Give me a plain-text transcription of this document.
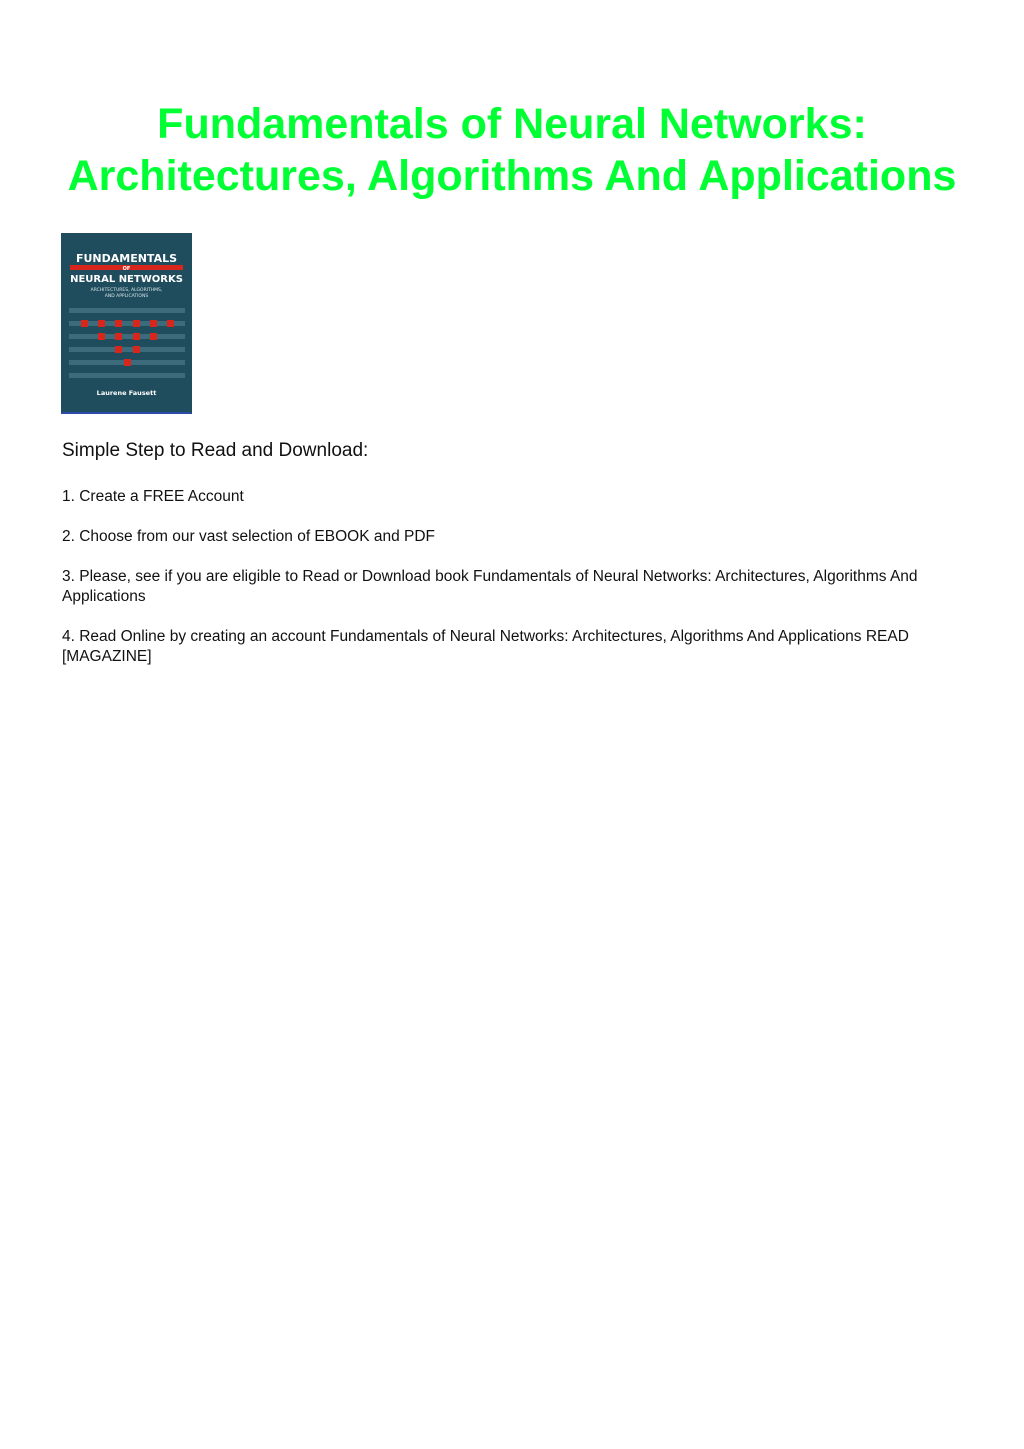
Fundamentals of Neural Networks:
Architectures, Algorithms And Applications
FUNDAMENTALS
OF
NEURAL NETWORKS
ARCHITECTURES, ALGORITHMS,
AND APPLICATIONS
Laurene Fausett
Simple Step to Read and Download:
1. Create a FREE Account
2. Choose from our vast selection of EBOOK and PDF
3. Please, see if you are eligible to Read or Download book Fundamentals of Neural Networks: Architectures, Algorithms And Applications
4. Read Online by creating an account Fundamentals of Neural Networks: Architectures, Algorithms And Applications READ [MAGAZINE]
